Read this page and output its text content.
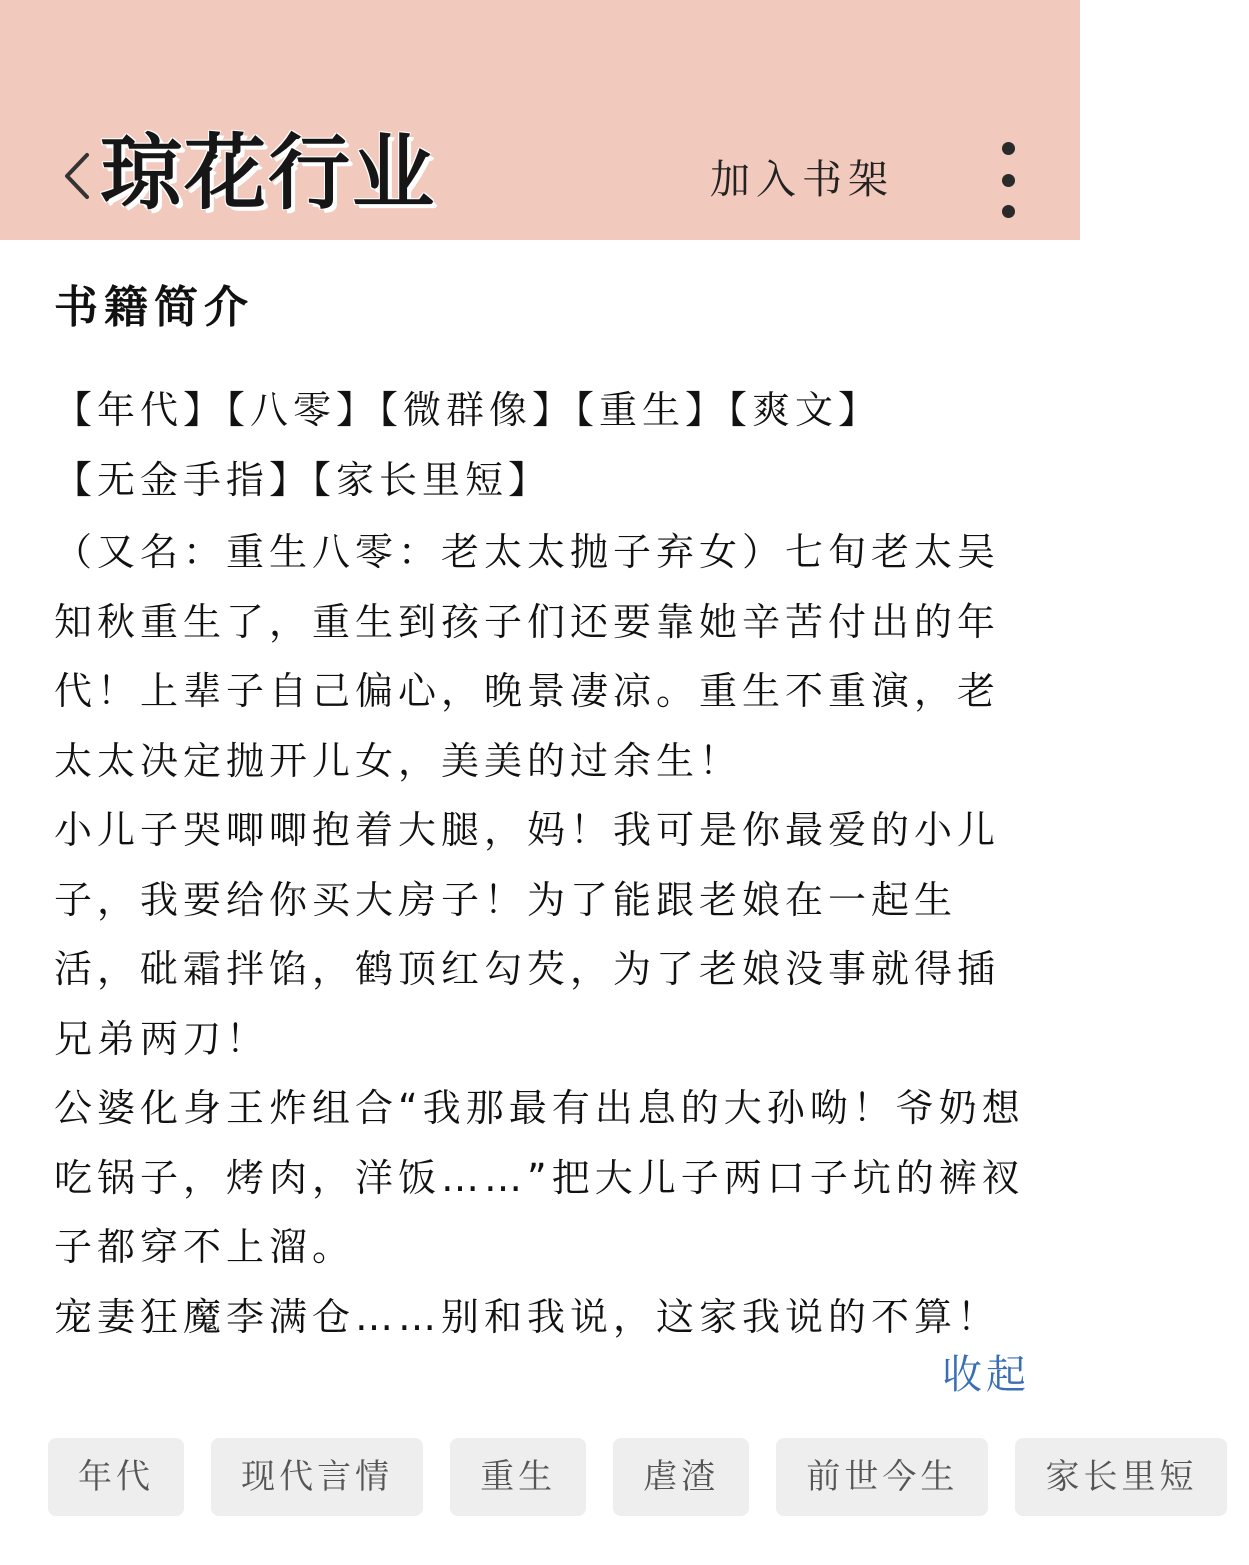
琼花行业	加入书架
书籍简介
【年代】【八零】【微群像】【重生】【爽文】
【无金手指】【家长里短】

（又名：重生八零：老太太抛子弃女）七旬老太吴知秋重生了，重生到孩子们还要靠她辛苦付出的年代！上辈子自己偏心，晚景凄凉。重生不重演，老太太决定抛开儿女，美美的过余生！

小儿子哭唧唧抱着大腿，妈！我可是你最爱的小儿子，我要给你买大房子！为了能跟老娘在一起生活，砒霜拌馅，鹤顶红勾芡，为了老娘没事就得插兄弟两刀！

公婆化身王炸组合“我那最有出息的大孙呦！爷奶想吃锅子，烤肉，洋饭……”把大儿子两口子坑的裤衩子都穿不上溜。

宠妻狂魔李满仓……别和我说，这家我说的不算！

收起
年代	现代言情	重生	虐渣	前世今生	家长里短
